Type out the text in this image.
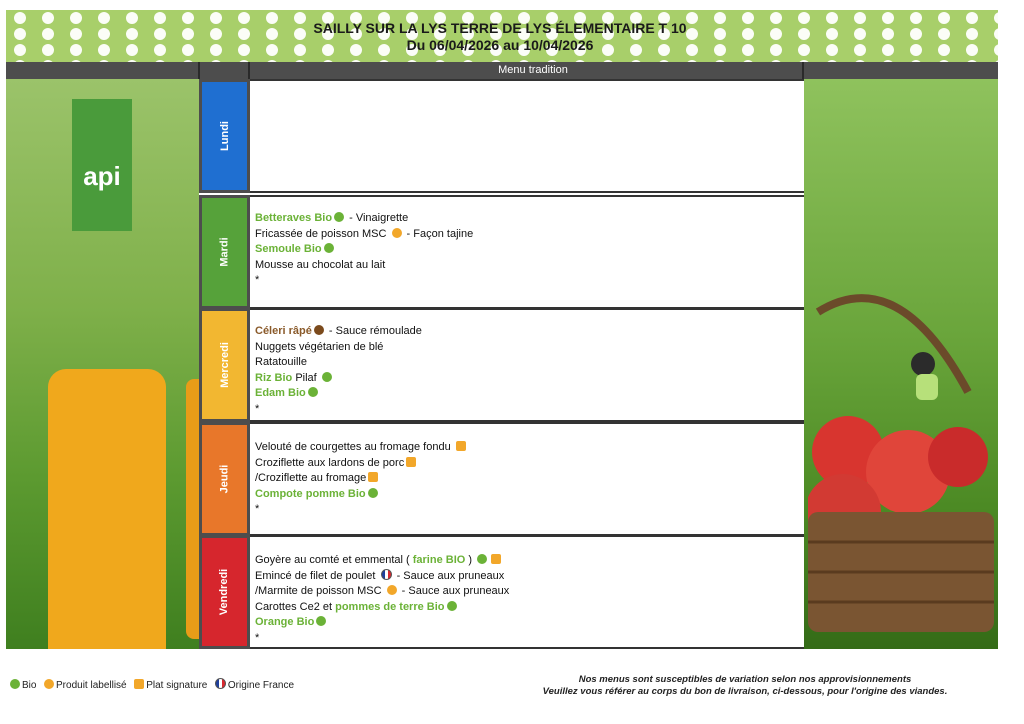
SAILLY SUR LA LYS TERRE DE LYS ÉLEMENTAIRE T 10
Du 06/04/2026 au 10/04/2026
Menu tradition
api
Lundi
Mardi
Betteraves Bio - Vinaigrette
Fricassée de poisson MSC  - Façon tajine
Semoule Bio
Mousse au chocolat au lait
*
Mercredi
Céleri râpé - Sauce rémoulade
Nuggets végétarien de blé
Ratatouille
Riz Bio Pilaf
Edam Bio
*
Jeudi
Velouté de courgettes au fromage fondu
Croziflette aux lardons de porc
/Croziflette au fromage
Compote pomme Bio
*
Vendredi
Goyère au comté et emmental ( farine BIO )
Emincé de filet de poulet  - Sauce aux pruneaux
/Marmite de poisson MSC  - Sauce aux pruneaux
Carottes Ce2 et pommes de terre Bio
Orange Bio
*
Bio Produit labellisé Plat signature Origine France
Nos menus sont susceptibles de variation selon nos approvisionnements
Veuillez vous référer au corps du bon de livraison, ci-dessous, pour l'origine des viandes.
